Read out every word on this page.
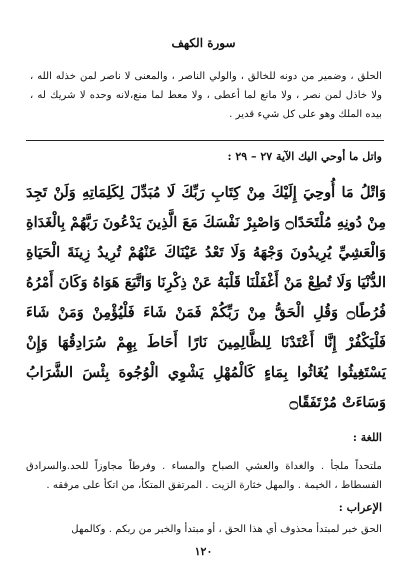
سورة الكهف
الحلق ، وضمير من دونه للخالق ، والولي الناصر ، والمعنى لا ناصر لمن خذله الله ، ولا خاذل لمن نصر ، ولا مانع لما أعطى ، ولا معط لما منع،لانه وحده لا شريك له ، بيده الملك وهو على كل شيء قدير .
واتل ما أوحي اليك الآية ٢٧ – ٢٩ :
وَاتْلُ مَا أُوحِيَ إِلَيْكَ مِنْ كِتَابِ رَبِّكَ لَا مُبَدِّلَ لِكَلِمَاتِهِ وَلَنْ تَجِدَ مِنْ دُونِهِ مُلْتَحَدًا۝ وَاصْبِرْ نَفْسَكَ مَعَ الَّذِينَ يَدْعُونَ رَبَّهُمْ بِالْغَدَاةِ وَالْعَشِيِّ يُرِيدُونَ وَجْهَهُ وَلَا تَعْدُ عَيْنَاكَ عَنْهُمْ تُرِيدُ زِينَةَ الْحَيَاةِ الدُّنْيَا وَلَا تُطِعْ مَنْ أَغْفَلْنَا قَلْبَهُ عَنْ ذِكْرِنَا وَاتَّبَعَ هَوَاهُ وَكَانَ أَمْرُهُ فُرُطًا۝ وَقُلِ الْحَقُّ مِنْ رَبِّكُمْ فَمَنْ شَاءَ فَلْيُؤْمِنْ وَمَنْ شَاءَ فَلْيَكْفُرْ إِنَّا أَعْتَدْنَا لِلظَّالِمِينَ نَارًا أَحَاطَ بِهِمْ سُرَادِقُهَا وَإِنْ يَسْتَغِيثُوا يُغَاثُوا بِمَاءٍ كَالْمُهْلِ يَشْوِي الْوُجُوهَ بِئْسَ الشَّرَابُ وَسَاءَتْ مُرْتَفَقًا۝
اللغة :
ملتحداً ملجأ . والغداة والعشي الصباح والمساء . وفرطاً مجاوزاً للحد.والسرادق الفسطاط ، الخيمة . والمهل خثارة الزيت . المرتفق المتكأ، من اتكأ على مرفقه .
الإعراب :
الحق خبر لمبتدأ محذوف أي هذا الحق ، أو مبتدأ والخبر من ربكم . وكالمهل
١٢٠
